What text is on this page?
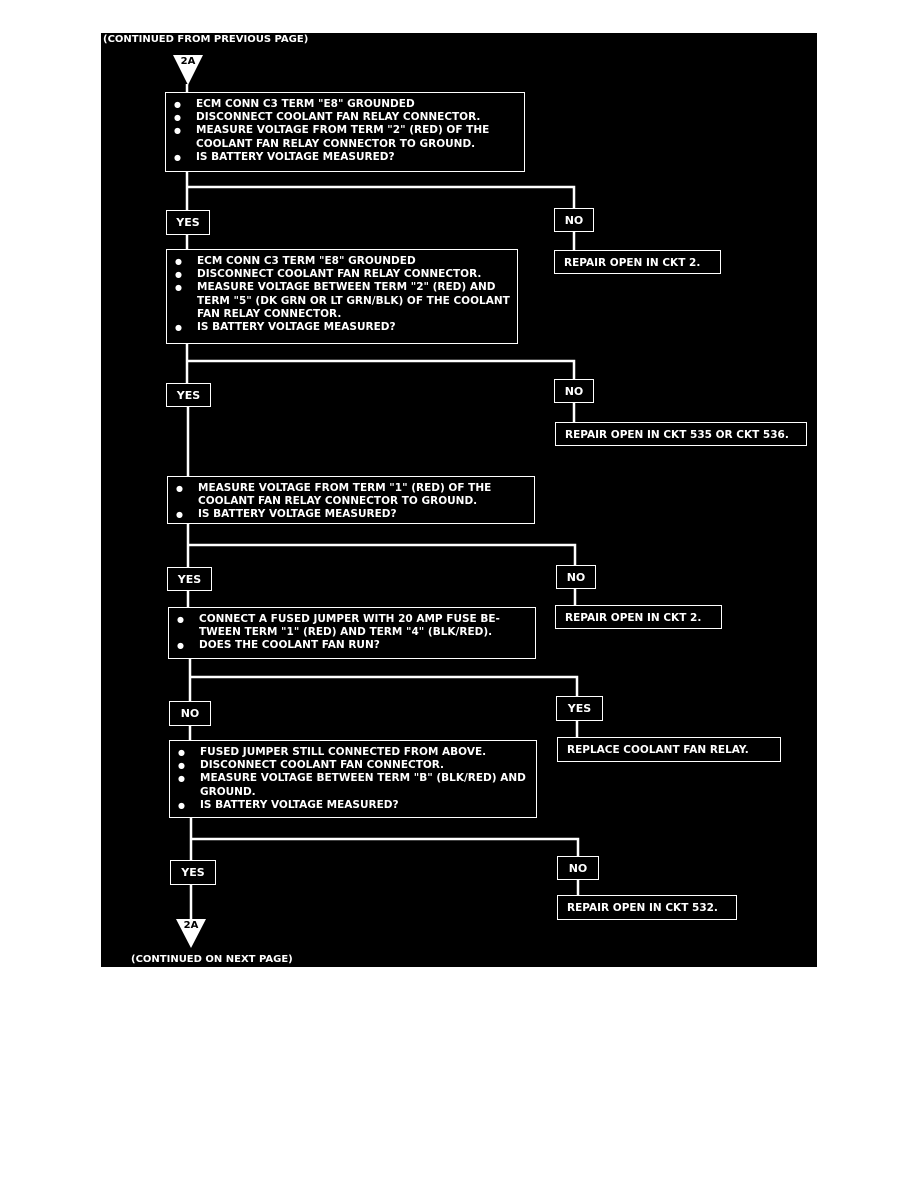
2A
2A
(CONTINUED FROM PREVIOUS PAGE)
(CONTINUED ON NEXT PAGE)
● ECM CONN C3 TERM "E8" GROUNDED
● DISCONNECT COOLANT FAN RELAY CONNECTOR.
● MEASURE VOLTAGE FROM TERM "2" (RED) OF THE COOLANT FAN RELAY CONNECTOR TO GROUND.
● IS BATTERY VOLTAGE MEASURED?
YES	NO
REPAIR OPEN IN CKT 2.
● ECM CONN C3 TERM "E8" GROUNDED
● DISCONNECT COOLANT FAN RELAY CONNECTOR.
● MEASURE VOLTAGE BETWEEN TERM "2" (RED) AND TERM "5" (DK GRN OR LT GRN/BLK) OF THE COOLANT FAN RELAY CONNECTOR.
● IS BATTERY VOLTAGE MEASURED?
YES	NO
REPAIR OPEN IN CKT 535 OR CKT 536.
● MEASURE VOLTAGE FROM TERM "1" (RED) OF THE COOLANT FAN RELAY CONNECTOR TO GROUND.
● IS BATTERY VOLTAGE MEASURED?
YES	NO
REPAIR OPEN IN CKT 2.
● CONNECT A FUSED JUMPER WITH 20 AMP FUSE BE-TWEEN TERM "1" (RED) AND TERM "4" (BLK/RED).
● DOES THE COOLANT FAN RUN?
NO	YES
REPLACE COOLANT FAN RELAY.
● FUSED JUMPER STILL CONNECTED FROM ABOVE.
● DISCONNECT COOLANT FAN CONNECTOR.
● MEASURE VOLTAGE BETWEEN TERM "B" (BLK/RED) AND GROUND.
● IS BATTERY VOLTAGE MEASURED?
YES	NO
REPAIR OPEN IN CKT 532.
